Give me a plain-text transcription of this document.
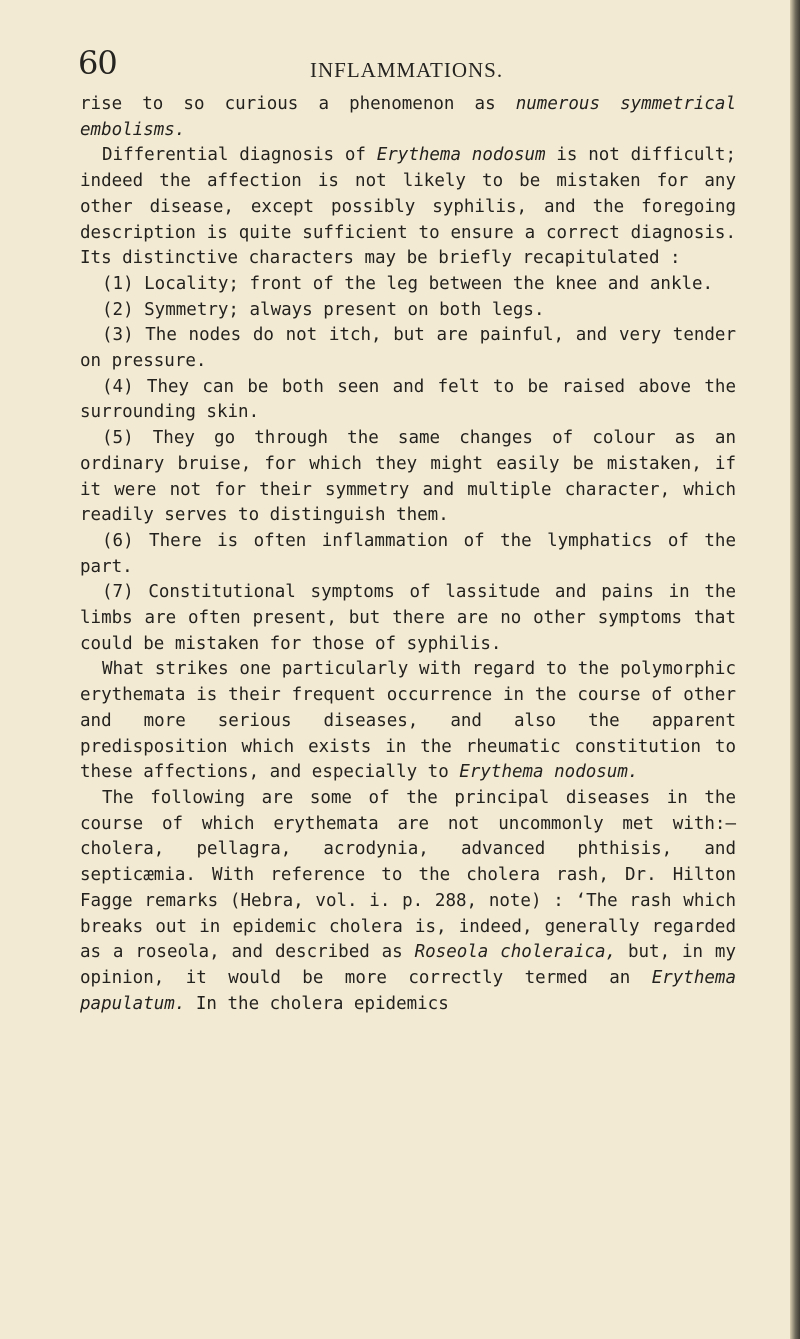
60	INFLAMMATIONS.

rise to so curious a phenomenon as numerous symmetrical embolisms.

Differential diagnosis of Erythema nodosum is not difficult; indeed the affection is not likely to be mistaken for any other disease, except possibly syphilis, and the foregoing description is quite sufficient to ensure a correct diagnosis. Its distinctive characters may be briefly recapitulated :

(1) Locality; front of the leg between the knee and ankle.

(2) Symmetry; always present on both legs.

(3) The nodes do not itch, but are painful, and very tender on pressure.

(4) They can be both seen and felt to be raised above the surrounding skin.

(5) They go through the same changes of colour as an ordinary bruise, for which they might easily be mistaken, if it were not for their symmetry and multiple character, which readily serves to distinguish them.

(6) There is often inflammation of the lymphatics of the part.

(7) Constitutional symptoms of lassitude and pains in the limbs are often present, but there are no other symptoms that could be mistaken for those of syphilis.

What strikes one particularly with regard to the polymorphic erythemata is their frequent occurrence in the course of other and more serious diseases, and also the apparent predisposition which exists in the rheumatic constitution to these affections, and especially to Erythema nodosum.

The following are some of the principal diseases in the course of which erythemata are not uncommonly met with:—cholera, pellagra, acrodynia, advanced phthisis, and septicæmia. With reference to the cholera rash, Dr. Hilton Fagge remarks (Hebra, vol. i. p. 288, note) : ‘The rash which breaks out in epidemic cholera is, indeed, generally regarded as a roseola, and described as Roseola choleraica, but, in my opinion, it would be more correctly termed an Erythema papulatum. In the cholera epidemics
